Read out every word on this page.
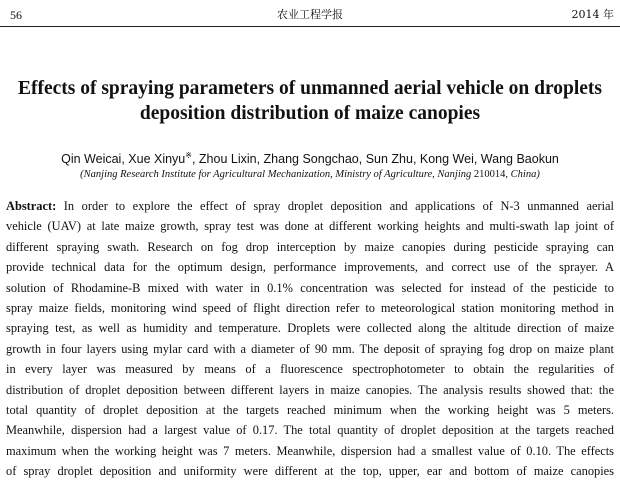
56	农业工程学报	2014 年
Effects of spraying parameters of unmanned aerial vehicle on droplets
deposition distribution of maize canopies
Qin Weicai, Xue Xinyu※, Zhou Lixin, Zhang Songchao, Sun Zhu, Kong Wei, Wang Baokun
(Nanjing Research Institute for Agricultural Mechanization, Ministry of Agriculture, Nanjing 210014, China)
Abstract: In order to explore the effect of spray droplet deposition and applications of N-3 unmanned aerial
vehicle (UAV) at late maize growth, spray test was done at different working heights and multi-swath lap joint of
different spraying swath. Research on fog drop interception by maize canopies during pesticide spraying can
provide technical data for the optimum design, performance improvements, and correct use of the sprayer. A
solution of Rhodamine-B mixed with water in 0.1% concentration was selected for instead of the pesticide to
spray maize fields, monitoring wind speed of flight direction refer to meteorological station monitoring method in
spraying test, as well as humidity and temperature. Droplets were collected along the altitude direction of maize
growth in four layers using mylar card with a diameter of 90 mm. The deposit of spraying fog drop on maize plant
in every layer was measured by means of a fluorescence spectrophotometer to obtain the regularities of
distribution of droplet deposition between different layers in maize canopies. The analysis results showed that: the
total quantity of droplet deposition at the targets reached minimum when the working height was 5 meters.
Meanwhile, dispersion had a largest value of 0.17. The total quantity of droplet deposition at the targets reached
maximum when the working height was 7 meters. Meanwhile, dispersion had a smallest value of 0.10. The effects
of spray droplet deposition and uniformity were different at the top, upper, ear and bottom of maize canopies
